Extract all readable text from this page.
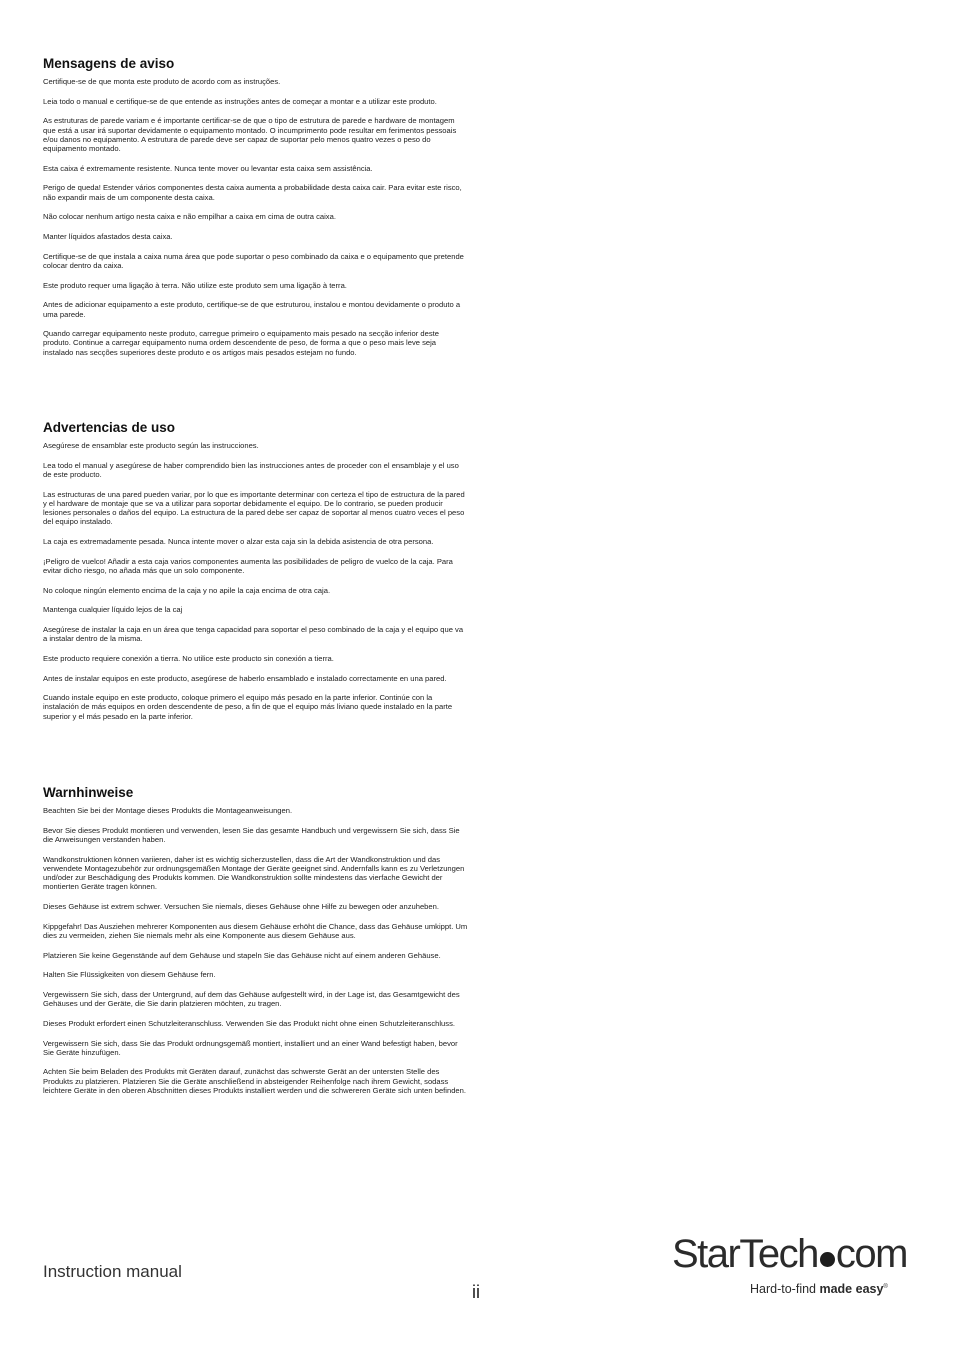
Mensagens de aviso

Certifique-se de que monta este produto de acordo com as instruções.

Leia todo o manual e certifique-se de que entende as instruções antes de começar a montar e a utilizar este produto.

As estruturas de parede variam e é importante certificar-se de que o tipo de estrutura de parede e hardware de montagem que está a usar irá suportar devidamente o equipamento montado. O incumprimento pode resultar em ferimentos pessoais e/ou danos no equipamento. A estrutura de parede deve ser capaz de suportar pelo menos quatro vezes o peso do equipamento montado.

Esta caixa é extremamente resistente. Nunca tente mover ou levantar esta caixa sem assistência.

Perigo de queda! Estender vários componentes desta caixa aumenta a probabilidade desta caixa cair. Para evitar este risco, não expandir mais de um componente desta caixa.

Não colocar nenhum artigo nesta caixa e não empilhar a caixa em cima de outra caixa.

Manter líquidos afastados desta caixa.

Certifique-se de que instala a caixa numa área que pode suportar o peso combinado da caixa e o equipamento que pretende colocar dentro da caixa.

Este produto requer uma ligação à terra. Não utilize este produto sem uma ligação à terra.

Antes de adicionar equipamento a este produto, certifique-se de que estruturou, instalou e montou devidamente o produto a uma parede.

Quando carregar equipamento neste produto, carregue primeiro o equipamento mais pesado na secção inferior deste produto. Continue a carregar equipamento numa ordem descendente de peso, de forma a que o peso mais leve seja instalado nas secções superiores deste produto e os artigos mais pesados estejam no fundo.

Advertencias de uso

Asegúrese de ensamblar este producto según las instrucciones.

Lea todo el manual y asegúrese de haber comprendido bien las instrucciones antes de proceder con el ensamblaje y el uso de este producto.

Las estructuras de una pared pueden variar, por lo que es importante determinar con certeza el tipo de estructura de la pared y el hardware de montaje que se va a utilizar para soportar debidamente el equipo. De lo contrario, se pueden producir lesiones personales o daños del equipo. La estructura de la pared debe ser capaz de soportar al menos cuatro veces el peso del equipo instalado.

La caja es extremadamente pesada. Nunca intente mover o alzar esta caja sin la debida asistencia de otra persona.

¡Peligro de vuelco! Añadir a esta caja varios componentes aumenta las posibilidades de peligro de vuelco de la caja. Para evitar dicho riesgo, no añada más que un solo componente.

No coloque ningún elemento encima de la caja y no apile la caja encima de otra caja.

Mantenga cualquier líquido lejos de la caj

Asegúrese de instalar la caja en un área que tenga capacidad para soportar el peso combinado de la caja y el equipo que va a instalar dentro de la misma.

Este producto requiere conexión a tierra. No utilice este producto sin conexión a tierra.

Antes de instalar equipos en este producto, asegúrese de haberlo ensamblado e instalado correctamente en una pared.

Cuando instale equipo en este producto, coloque primero el equipo más pesado en la parte inferior. Continúe con la instalación de más equipos en orden descendente de peso, a fin de que el equipo más liviano quede instalado en la parte superior y el más pesado en la parte inferior.

Warnhinweise

Beachten Sie bei der Montage dieses Produkts die Montageanweisungen.

Bevor Sie dieses Produkt montieren und verwenden, lesen Sie das gesamte Handbuch und vergewissern Sie sich, dass Sie die Anweisungen verstanden haben.

Wandkonstruktionen können variieren, daher ist es wichtig sicherzustellen, dass die Art der Wandkonstruktion und das verwendete Montagezubehör zur ordnungsgemäßen Montage der Geräte geeignet sind. Andernfalls kann es zu Verletzungen und/oder zur Beschädigung des Produkts kommen. Die Wandkonstruktion sollte mindestens das vierfache Gewicht der montierten Geräte tragen können.

Dieses Gehäuse ist extrem schwer. Versuchen Sie niemals, dieses Gehäuse ohne Hilfe zu bewegen oder anzuheben.

Kippgefahr! Das Ausziehen mehrerer Komponenten aus diesem Gehäuse erhöht die Chance, dass das Gehäuse umkippt. Um dies zu vermeiden, ziehen Sie niemals mehr als eine Komponente aus diesem Gehäuse aus.

Platzieren Sie keine Gegenstände auf dem Gehäuse und stapeln Sie das Gehäuse nicht auf einem anderen Gehäuse.

Halten Sie Flüssigkeiten von diesem Gehäuse fern.

Vergewissern Sie sich, dass der Untergrund, auf dem das Gehäuse aufgestellt wird, in der Lage ist, das Gesamtgewicht des Gehäuses und der Geräte, die Sie darin platzieren möchten, zu tragen.

Dieses Produkt erfordert einen Schutzleiteranschluss. Verwenden Sie das Produkt nicht ohne einen Schutzleiteranschluss.

Vergewissern Sie sich, dass Sie das Produkt ordnungsgemäß montiert, installiert und an einer Wand befestigt haben, bevor Sie Geräte hinzufügen.

Achten Sie beim Beladen des Produkts mit Geräten darauf, zunächst das schwerste Gerät an der untersten Stelle des Produkts zu platzieren. Platzieren Sie die Geräte anschließend in absteigender Reihenfolge nach ihrem Gewicht, sodass leichtere Geräte in den oberen Abschnitten dieses Produkts installiert werden und die schwereren Geräte sich unten befinden.

Instruction manual
ii
StarTech com
Hard-to-find made easy®
